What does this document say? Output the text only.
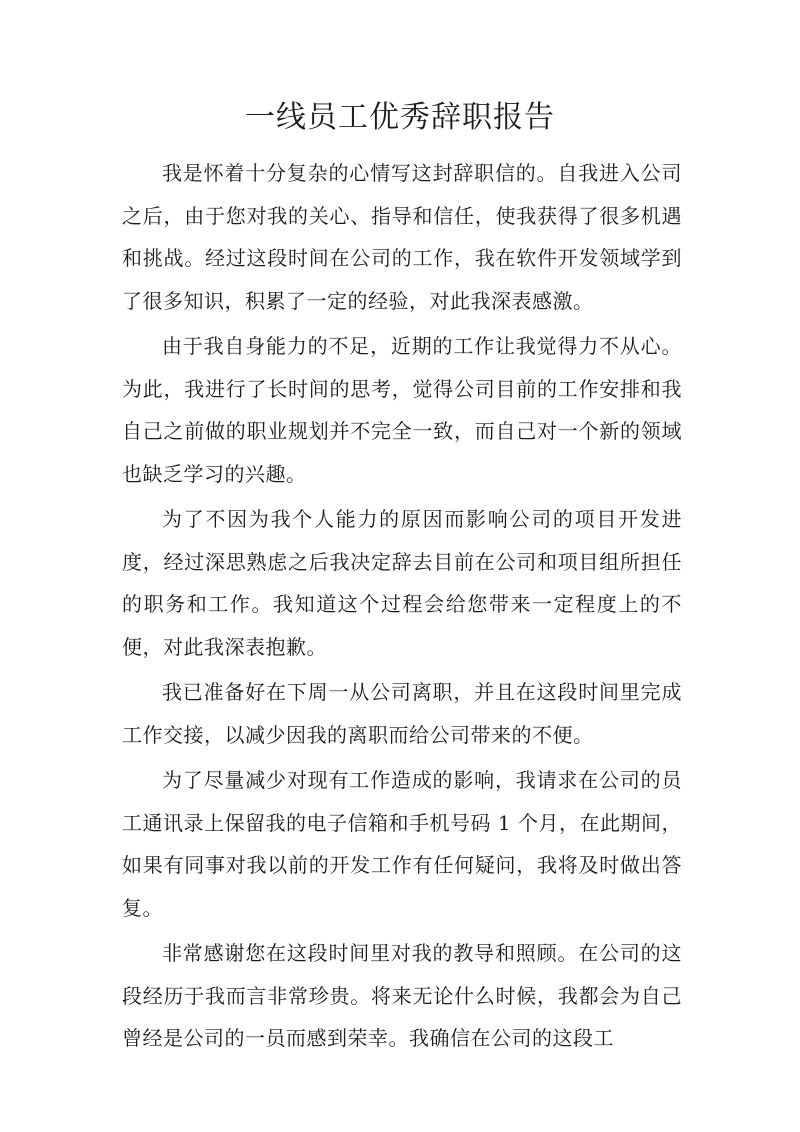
一线员工优秀辞职报告

我是怀着十分复杂的心情写这封辞职信的。自我进入公司之后，由于您对我的关心、指导和信任，使我获得了很多机遇和挑战。经过这段时间在公司的工作，我在软件开发领域学到了很多知识，积累了一定的经验，对此我深表感激。

由于我自身能力的不足，近期的工作让我觉得力不从心。为此，我进行了长时间的思考，觉得公司目前的工作安排和我自己之前做的职业规划并不完全一致，而自己对一个新的领域也缺乏学习的兴趣。

为了不因为我个人能力的原因而影响公司的项目开发进度，经过深思熟虑之后我决定辞去目前在公司和项目组所担任的职务和工作。我知道这个过程会给您带来一定程度上的不便，对此我深表抱歉。

我已准备好在下周一从公司离职，并且在这段时间里完成工作交接，以减少因我的离职而给公司带来的不便。

为了尽量减少对现有工作造成的影响，我请求在公司的员工通讯录上保留我的电子信箱和手机号码 1 个月，在此期间，如果有同事对我以前的开发工作有任何疑问，我将及时做出答复。

非常感谢您在这段时间里对我的教导和照顾。在公司的这段经历于我而言非常珍贵。将来无论什么时候，我都会为自己曾经是公司的一员而感到荣幸。我确信在公司的这段工
